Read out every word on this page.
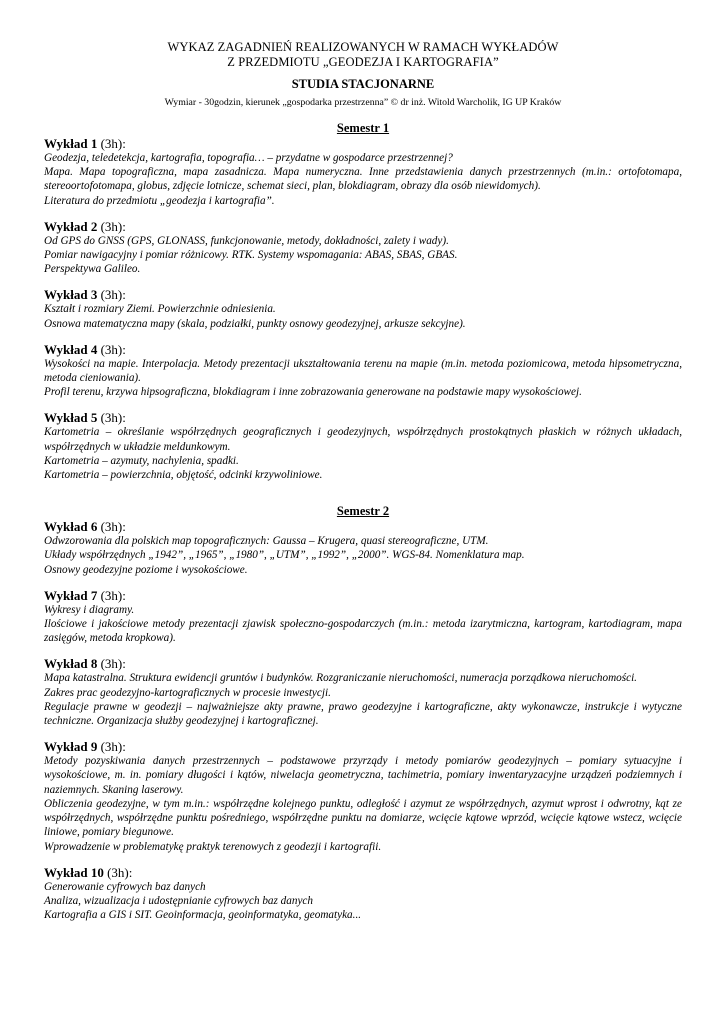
WYKAZ ZAGADNIEŃ REALIZOWANYCH W RAMACH WYKŁADÓW
Z PRZEDMIOTU „GEODEZJA I KARTOGRAFIA”
STUDIA STACJONARNE
Wymiar - 30godzin, kierunek „gospodarka przestrzenna” © dr inż. Witold Warcholik, IG UP Kraków
Semestr 1
Wykład 1 (3h):

Geodezja, teledetekcja, kartografia, topografia… – przydatne w gospodarce przestrzennej?

Mapa. Mapa topograficzna, mapa zasadnicza. Mapa numeryczna. Inne przedstawienia danych przestrzennych (m.in.: ortofotomapa, stereoortofotomapa, globus, zdjęcie lotnicze, schemat sieci, plan, blokdiagram, obrazy dla osób niewidomych).

Literatura do przedmiotu „geodezja i kartografia”.

Wykład 2 (3h):

Od GPS do GNSS (GPS, GLONASS, funkcjonowanie, metody, dokładności, zalety i wady).

Pomiar nawigacyjny i pomiar różnicowy. RTK. Systemy wspomagania: ABAS, SBAS, GBAS.

Perspektywa Galileo.

Wykład 3 (3h):

Kształt i rozmiary Ziemi. Powierzchnie odniesienia.

Osnowa matematyczna mapy (skala, podziałki, punkty osnowy geodezyjnej, arkusze sekcyjne).

Wykład 4 (3h):

Wysokości na mapie. Interpolacja. Metody prezentacji ukształtowania terenu na mapie (m.in. metoda poziomicowa, metoda hipsometryczna, metoda cieniowania).

Profil terenu, krzywa hipsograficzna, blokdiagram i inne zobrazowania generowane na podstawie mapy wysokościowej.

Wykład 5 (3h):

Kartometria – określanie współrzędnych geograficznych i geodezyjnych, współrzędnych prostokątnych płaskich w różnych układach, współrzędnych w układzie meldunkowym.

Kartometria – azymuty, nachylenia, spadki.

Kartometria – powierzchnia, objętość, odcinki krzywoliniowe.

Semestr 2
Wykład 6 (3h):

Odwzorowania dla polskich map topograficznych: Gaussa – Krugera, quasi stereograficzne, UTM.

Układy współrzędnych „1942”, „1965”, „1980”, „UTM”, „1992”, „2000”. WGS-84. Nomenklatura map.

Osnowy geodezyjne poziome i wysokościowe.

Wykład 7 (3h):

Wykresy i diagramy.

Ilościowe i jakościowe metody prezentacji zjawisk społeczno-gospodarczych (m.in.: metoda izarytmiczna, kartogram, kartodiagram, mapa zasięgów, metoda kropkowa).

Wykład 8 (3h):

Mapa katastralna. Struktura ewidencji gruntów i budynków. Rozgraniczanie nieruchomości, numeracja porządkowa nieruchomości.

Zakres prac geodezyjno-kartograficznych w procesie inwestycji.

Regulacje prawne w geodezji – najważniejsze akty prawne, prawo geodezyjne i kartograficzne, akty wykonawcze, instrukcje i wytyczne techniczne. Organizacja służby geodezyjnej i kartograficznej.

Wykład 9 (3h):

Metody pozyskiwania danych przestrzennych – podstawowe przyrządy i metody pomiarów geodezyjnych – pomiary sytuacyjne i wysokościowe, m. in. pomiary długości i kątów, niwelacja geometryczna, tachimetria, pomiary inwentaryzacyjne urządzeń podziemnych i naziemnych. Skaning laserowy.

Obliczenia geodezyjne, w tym m.in.: współrzędne kolejnego punktu, odległość i azymut ze współrzędnych, azymut wprost i odwrotny, kąt ze współrzędnych, współrzędne punktu pośredniego, współrzędne punktu na domiarze, wcięcie kątowe wprzód, wcięcie kątowe wstecz, wcięcie liniowe, pomiary biegunowe.

Wprowadzenie w problematykę praktyk terenowych z geodezji i kartografii.

Wykład 10 (3h):

Generowanie cyfrowych baz danych

Analiza, wizualizacja i udostępnianie cyfrowych baz danych

Kartografia a GIS i SIT. Geoinformacja, geoinformatyka, geomatyka...
